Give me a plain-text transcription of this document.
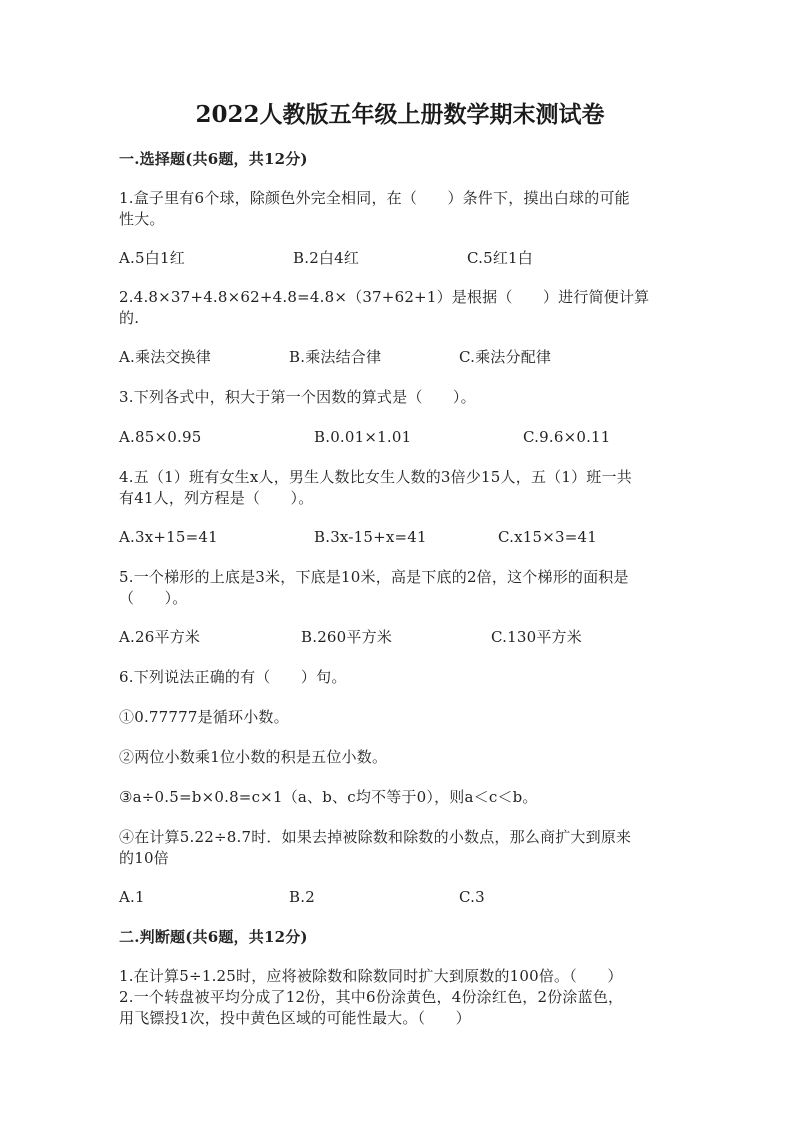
2022人教版五年级上册数学期末测试卷
一.选择题(共6题，共12分)
1.盒子里有6个球，除颜色外完全相同，在（　　）条件下，摸出白球的可能
性大。
A.5白1红	B.2白4红	C.5红1白
2.4.8×37+4.8×62+4.8=4.8×（37+62+1）是根据（　　）进行简便计算
的.
A.乘法交换律	B.乘法结合律	C.乘法分配律
3.下列各式中，积大于第一个因数的算式是（　　）。
A.85×0.95	B.0.01×1.01	C.9.6×0.11
4.五（1）班有女生x人，男生人数比女生人数的3倍少15人，五（1）班一共
有41人，列方程是（　　）。
A.3x+15=41	B.3x-15+x=41	C.x15×3=41
5.一个梯形的上底是3米，下底是10米，高是下底的2倍，这个梯形的面积是
（　　）。
A.26平方米	B.260平方米	C.130平方米
6.下列说法正确的有（　　）句。
①0.77777是循环小数。
②两位小数乘1位小数的积是五位小数。
③a÷0.5=b×0.8=c×1（a、b、c均不等于0），则a＜c＜b。
④在计算5.22÷8.7时．如果去掉被除数和除数的小数点，那么商扩大到原来
的10倍
A.1	B.2	C.3
二.判断题(共6题，共12分)
1.在计算5÷1.25时，应将被除数和除数同时扩大到原数的100倍。（　　）
2.一个转盘被平均分成了12份，其中6份涂黄色，4份涂红色，2份涂蓝色，
用飞镖投1次，投中黄色区域的可能性最大。（　　）
